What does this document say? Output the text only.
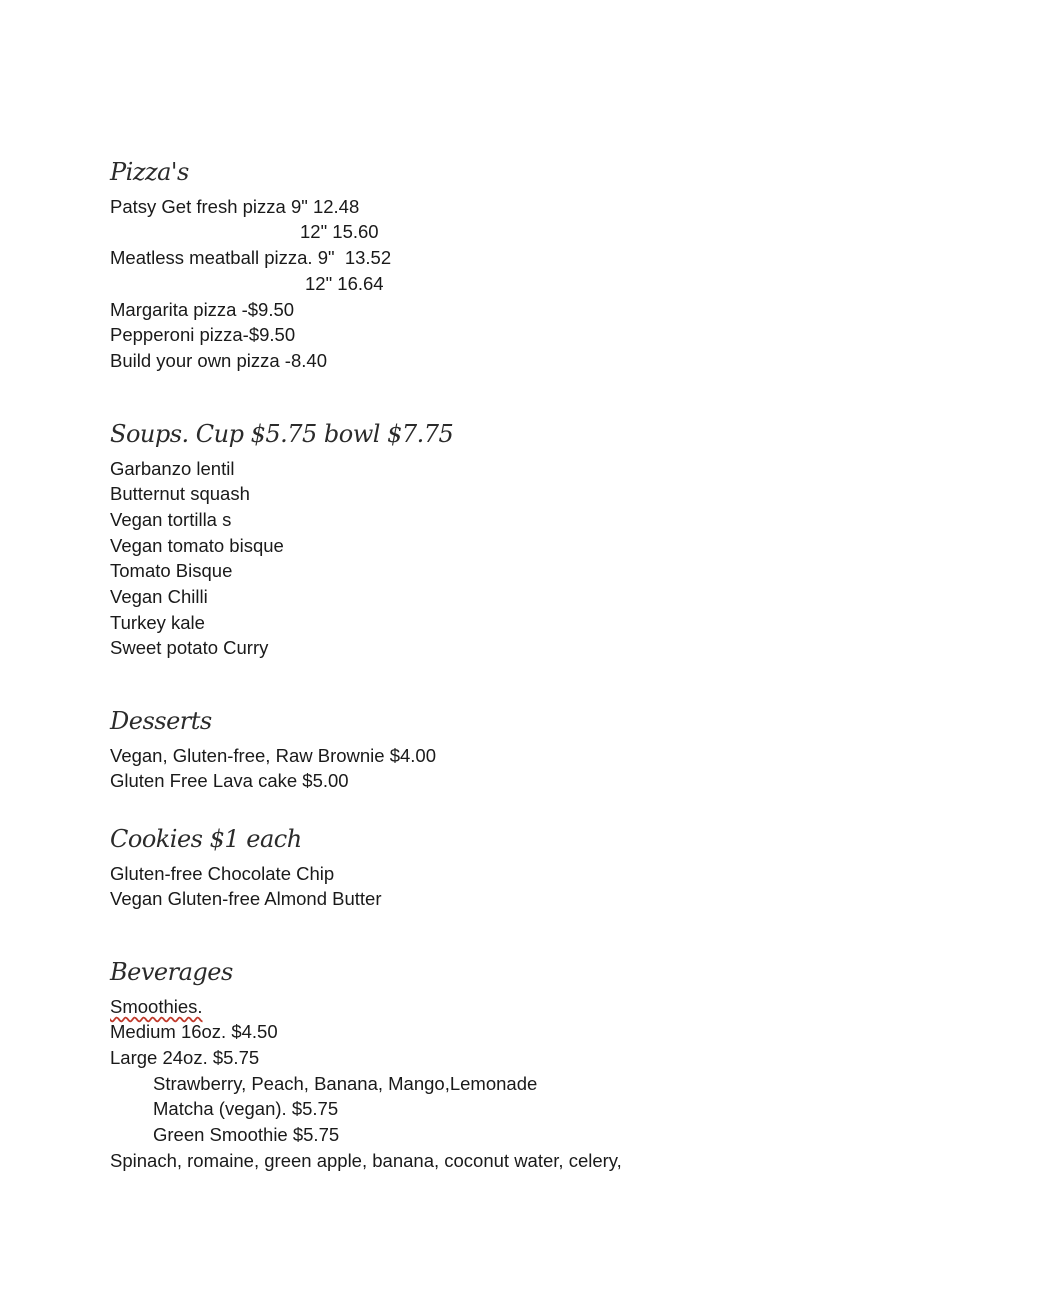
Pizza's
Patsy Get fresh pizza 9" 12.48
12" 15.60
Meatless meatball pizza. 9"  13.52
12" 16.64
Margarita pizza -$9.50
Pepperoni pizza-$9.50
Build your own pizza -8.40
Soups. Cup $5.75 bowl $7.75
Garbanzo lentil
Butternut squash
Vegan tortilla s
Vegan tomato bisque
Tomato Bisque
Vegan Chilli
Turkey kale
Sweet potato Curry
Desserts
Vegan, Gluten-free, Raw Brownie $4.00
Gluten Free Lava cake $5.00
Cookies $1 each
Gluten-free Chocolate Chip
Vegan Gluten-free Almond Butter
Beverages
Smoothies.
Medium 16oz. $4.50
Large 24oz. $5.75
Strawberry, Peach, Banana, Mango,Lemonade
Matcha (vegan). $5.75
Green Smoothie $5.75
Spinach, romaine, green apple, banana, coconut water, celery,
